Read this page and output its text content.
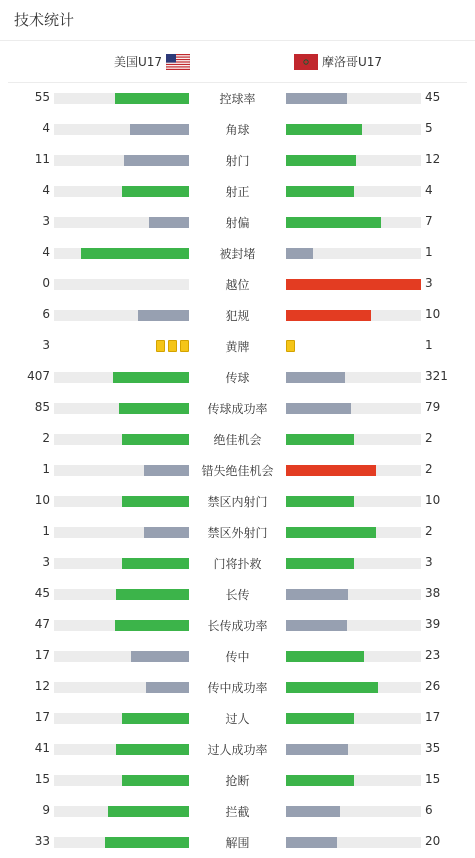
技术统计
美国U17	摩洛哥U17
55	控球率	45
4	角球	5
11	射门	12
4	射正	4
3	射偏	7
4	被封堵	1
0	越位	3
6	犯规	10
3	黄牌	1
407	传球	321
85	传球成功率	79
2	绝佳机会	2
1	错失绝佳机会	2
10	禁区内射门	10
1	禁区外射门	2
3	门将扑救	3
45	长传	38
47	长传成功率	39
17	传中	23
12	传中成功率	26
17	过人	17
41	过人成功率	35
15	抢断	15
9	拦截	6
33	解围	20
